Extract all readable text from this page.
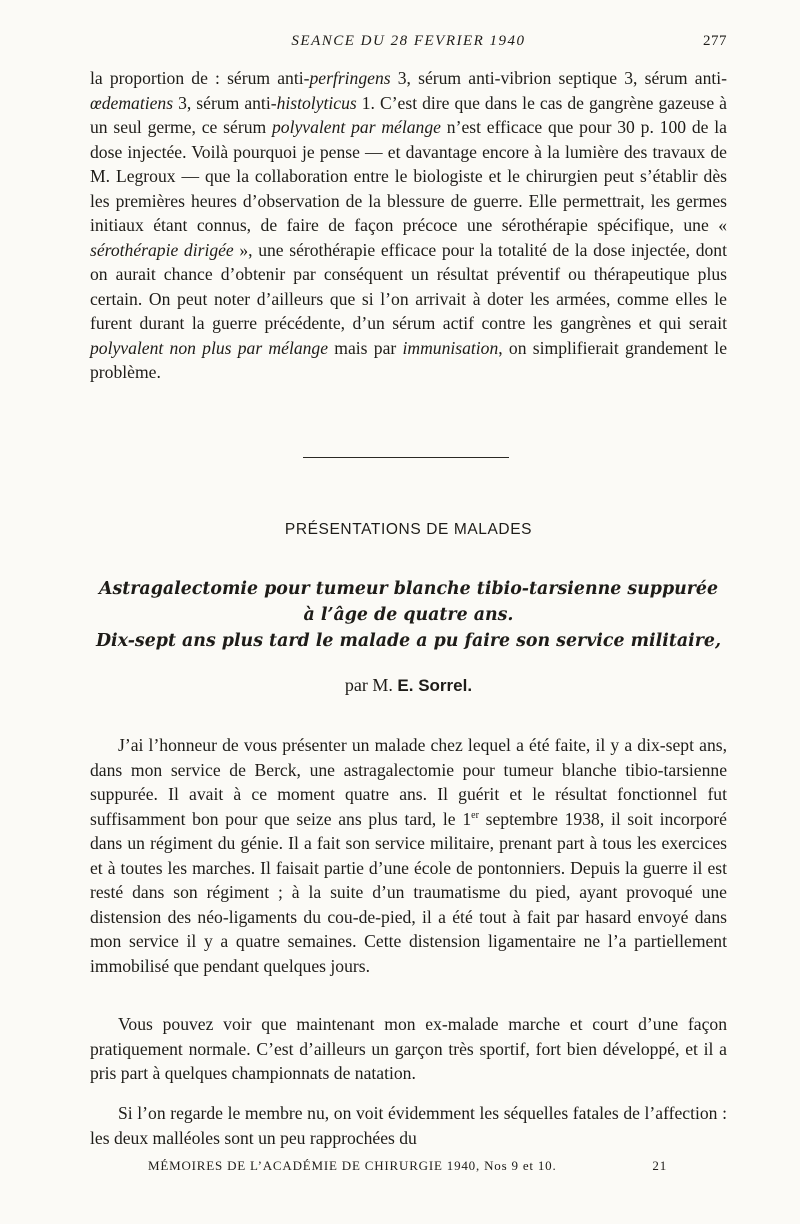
SEANCE DU 28 FEVRIER 1940	277

la proportion de : sérum anti-perfringens 3, sérum anti-vibrion septique 3, sérum anti-œdematiens 3, sérum anti-histolyticus 1. C’est dire que dans le cas de gangrène gazeuse à un seul germe, ce sérum polyvalent par mélange n’est efficace que pour 30 p. 100 de la dose injectée. Voilà pourquoi je pense — et davantage encore à la lumière des travaux de M. Legroux — que la collaboration entre le biologiste et le chirurgien peut s’établir dès les premières heures d’observation de la blessure de guerre. Elle permettrait, les germes initiaux étant connus, de faire de façon précoce une sérothérapie spécifique, une « sérothérapie dirigée », une sérothérapie efficace pour la totalité de la dose injectée, dont on aurait chance d’obtenir par conséquent un résultat préventif ou thérapeutique plus certain. On peut noter d’ailleurs que si l’on arrivait à doter les armées, comme elles le furent durant la guerre précédente, d’un sérum actif contre les gangrènes et qui serait polyvalent non plus par mélange mais par immunisation, on simplifierait grandement le problème.

PRÉSENTATIONS DE MALADES
Astragalectomie pour tumeur blanche tibio-tarsienne suppurée
à l’âge de quatre ans.
Dix-sept ans plus tard le malade a pu faire son service militaire,

par M. E. Sorrel.

J’ai l’honneur de vous présenter un malade chez lequel a été faite, il y a dix-sept ans, dans mon service de Berck, une astragalectomie pour tumeur blanche tibio-tarsienne suppurée. Il avait à ce moment quatre ans. Il guérit et le résultat fonctionnel fut suffisamment bon pour que seize ans plus tard, le 1er septembre 1938, il soit incorporé dans un régiment du génie. Il a fait son service militaire, prenant part à tous les exercices et à toutes les marches. Il faisait partie d’une école de pontonniers. Depuis la guerre il est resté dans son régiment ; à la suite d’un traumatisme du pied, ayant provoqué une distension des néo-ligaments du cou-de-pied, il a été tout à fait par hasard envoyé dans mon service il y a quatre semaines. Cette distension ligamentaire ne l’a partiellement immobilisé que pendant quelques jours.

Vous pouvez voir que maintenant mon ex-malade marche et court d’une façon pratiquement normale. C’est d’ailleurs un garçon très sportif, fort bien développé, et il a pris part à quelques championnats de natation.

Si l’on regarde le membre nu, on voit évidemment les séquelles fatales de l’affection : les deux malléoles sont un peu rapprochées du

MÉMOIRES DE L’ACADÉMIE DE CHIRURGIE 1940, Nos 9 et 10.	21
